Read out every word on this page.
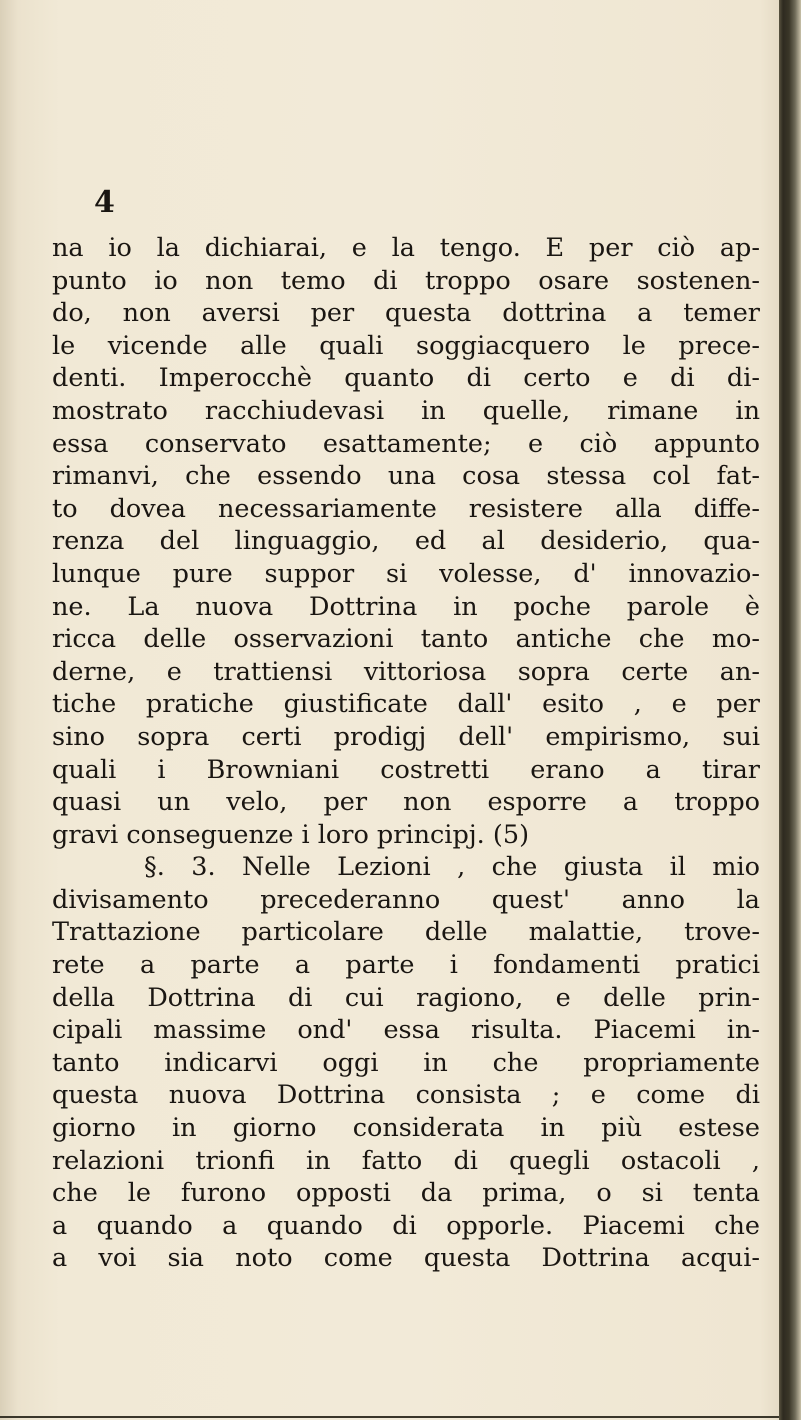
4
na io la dichiarai, e la tengo. E per ciò ap-
punto io non temo di troppo osare sostenen-
do, non aversi per questa dottrina a temer
le vicende alle quali soggiacquero le prece-
denti. Imperocchè quanto di certo e di di-
mostrato racchiudevasi in quelle, rimane in
essa conservato esattamente; e ciò appunto
rimanvi, che essendo una cosa stessa col fat-
to dovea necessariamente resistere alla diffe-
renza del linguaggio, ed al desiderio, qua-
lunque pure suppor si volesse, d' innovazio-
ne. La nuova Dottrina in poche parole è
ricca delle osservazioni tanto antiche che mo-
derne, e trattiensi vittoriosa sopra certe an-
tiche pratiche giustificate dall' esito , e per
sino sopra certi prodigj dell' empirismo, sui
quali i Browniani costretti erano a tirar
quasi un velo, per non esporre a troppo
gravi conseguenze i loro principj. (5)
§. 3. Nelle Lezioni , che giusta il mio
divisamento precederanno quest' anno la
Trattazione particolare delle malattie, trove-
rete a parte a parte i fondamenti pratici
della Dottrina di cui ragiono, e delle prin-
cipali massime ond' essa risulta. Piacemi in-
tanto indicarvi oggi in che propriamente
questa nuova Dottrina consista ; e come di
giorno in giorno considerata in più estese
relazioni trionfi in fatto di quegli ostacoli ,
che le furono opposti da prima, o si tenta
a quando a quando di opporle. Piacemi che
a voi sia noto come questa Dottrina acqui-
